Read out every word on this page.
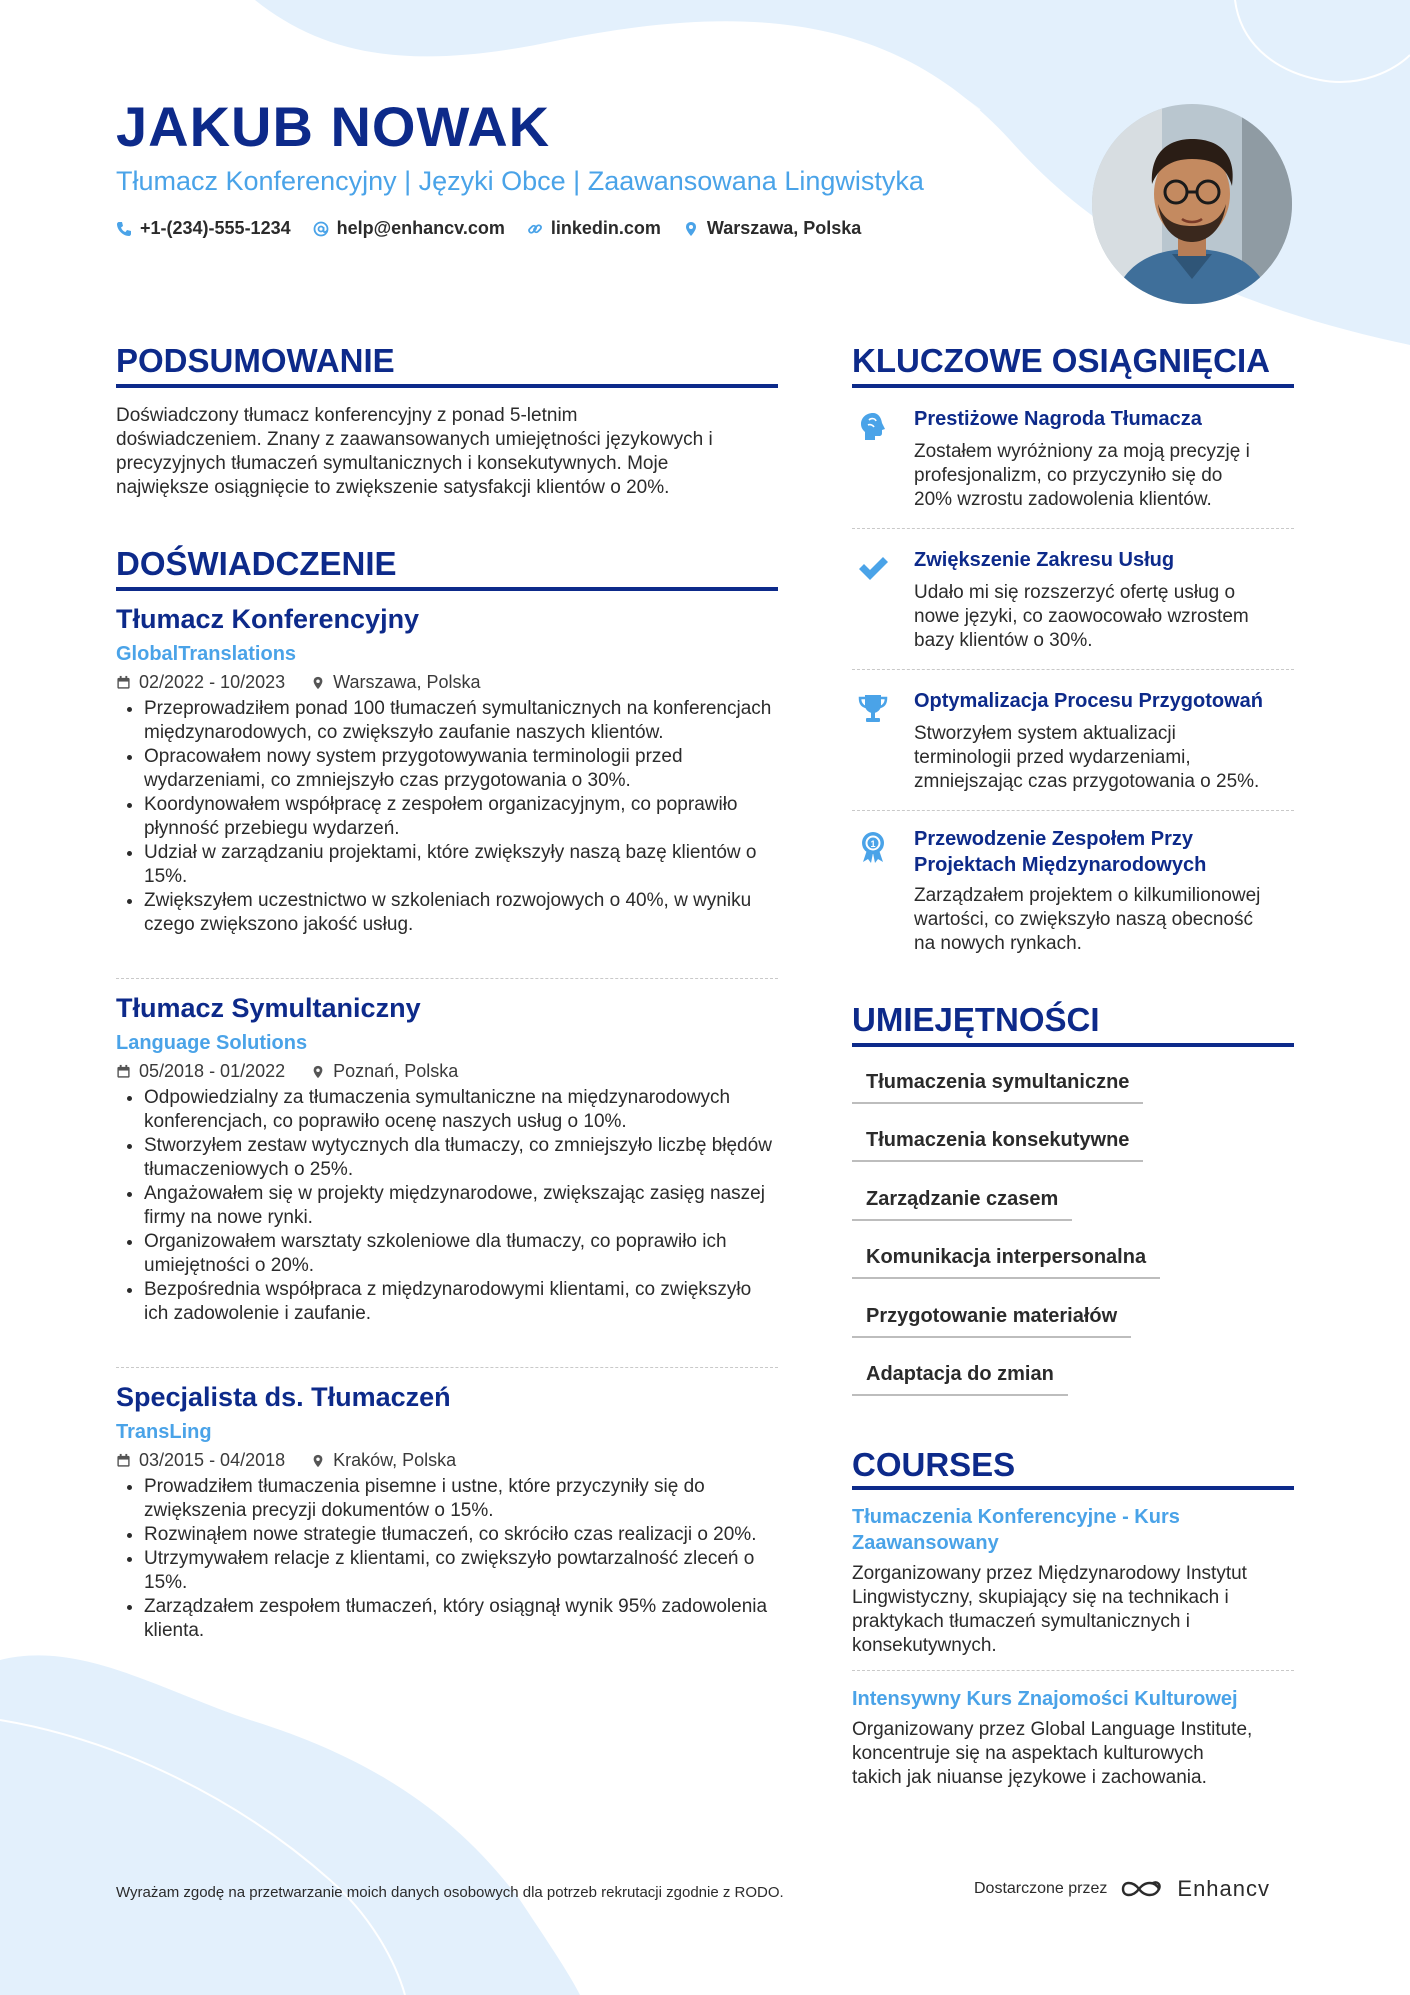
JAKUB NOWAK
Tłumacz Konferencyjny | Języki Obce | Zaawansowana Lingwistyka
+1-(234)-555-1234	help@enhancv.com	linkedin.com	Warszawa, Polska
PODSUMOWANIE
Doświadczony tłumacz konferencyjny z ponad 5-letnim
doświadczeniem. Znany z zaawansowanych umiejętności językowych i
precyzyjnych tłumaczeń symultanicznych i konsekutywnych. Moje
największe osiągnięcie to zwiększenie satysfakcji klientów o 20%.
DOŚWIADCZENIE
Tłumacz Konferencyjny
GlobalTranslations
02/2022 - 10/2023	Warszawa, Polska
• Przeprowadziłem ponad 100 tłumaczeń symultanicznych na konferencjach międzynarodowych, co zwiększyło zaufanie naszych klientów.
• Opracowałem nowy system przygotowywania terminologii przed wydarzeniami, co zmniejszyło czas przygotowania o 30%.
• Koordynowałem współpracę z zespołem organizacyjnym, co poprawiło płynność przebiegu wydarzeń.
• Udział w zarządzaniu projektami, które zwiększyły naszą bazę klientów o 15%.
• Zwiększyłem uczestnictwo w szkoleniach rozwojowych o 40%, w wyniku czego zwiększono jakość usług.
Tłumacz Symultaniczny
Language Solutions
05/2018 - 01/2022	Poznań, Polska
• Odpowiedzialny za tłumaczenia symultaniczne na międzynarodowych konferencjach, co poprawiło ocenę naszych usług o 10%.
• Stworzyłem zestaw wytycznych dla tłumaczy, co zmniejszyło liczbę błędów tłumaczeniowych o 25%.
• Angażowałem się w projekty międzynarodowe, zwiększając zasięg naszej firmy na nowe rynki.
• Organizowałem warsztaty szkoleniowe dla tłumaczy, co poprawiło ich umiejętności o 20%.
• Bezpośrednia współpraca z międzynarodowymi klientami, co zwiększyło ich zadowolenie i zaufanie.
Specjalista ds. Tłumaczeń
TransLing
03/2015 - 04/2018	Kraków, Polska
• Prowadziłem tłumaczenia pisemne i ustne, które przyczyniły się do zwiększenia precyzji dokumentów o 15%.
• Rozwinąłem nowe strategie tłumaczeń, co skróciło czas realizacji o 20%.
• Utrzymywałem relacje z klientami, co zwiększyło powtarzalność zleceń o 15%.
• Zarządzałem zespołem tłumaczeń, który osiągnął wynik 95% zadowolenia klienta.
KLUCZOWE OSIĄGNIĘCIA
Prestiżowe Nagroda Tłumacza
Zostałem wyróżniony za moją precyzję i
profesjonalizm, co przyczyniło się do
20% wzrostu zadowolenia klientów.
Zwiększenie Zakresu Usług
Udało mi się rozszerzyć ofertę usług o
nowe języki, co zaowocowało wzrostem
bazy klientów o 30%.
Optymalizacja Procesu Przygotowań
Stworzyłem system aktualizacji
terminologii przed wydarzeniami,
zmniejszając czas przygotowania o 25%.
1 Przewodzenie Zespołem Przy
Projektach Międzynarodowych
Zarządzałem projektem o kilkumilionowej
wartości, co zwiększyło naszą obecność
na nowych rynkach.
UMIEJĘTNOŚCI
Tłumaczenia symultaniczne
Tłumaczenia konsekutywne
Zarządzanie czasem
Komunikacja interpersonalna
Przygotowanie materiałów
Adaptacja do zmian
COURSES
Tłumaczenia Konferencyjne - Kurs
Zaawansowany
Zorganizowany przez Międzynarodowy Instytut
Lingwistyczny, skupiający się na technikach i
praktykach tłumaczeń symultanicznych i
konsekutywnych.
Intensywny Kurs Znajomości Kulturowej
Organizowany przez Global Language Institute,
koncentruje się na aspektach kulturowych
takich jak niuanse językowe i zachowania.
Wyrażam zgodę na przetwarzanie moich danych osobowych dla potrzeb rekrutacji zgodnie z RODO.	Dostarczone przez	Enhancv
